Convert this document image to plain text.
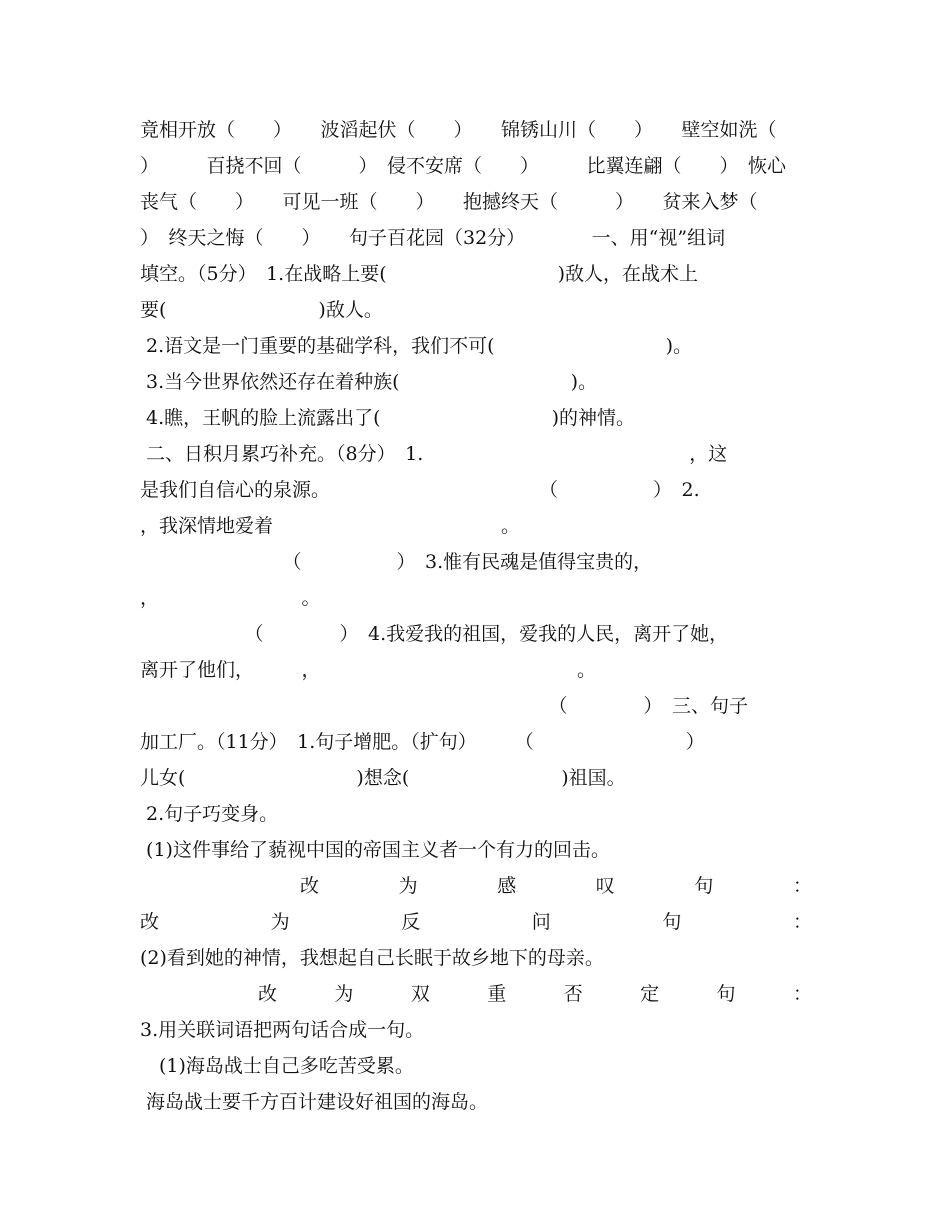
竟相开放（　　）　　波滔起伏（　　）　　锦锈山川（　　）　　壁空如洗（
）　　　百挠不回（　　　）　侵不安席（　　）　　　比翼连翩（　　）　恢心
丧气（　　）　　可见一班（　　）　　抱撼终天（　　　）　　贫来入梦（
）　终天之悔（　　）　　句子百花园（32分）　　　　一、用“视”组词
填空。（5分）　1.在战略上要(　　　　　　　　　)敌人，在战术上
要(　　　　　　　　)敌人。
2.语文是一门重要的基础学科，我们不可(　　　　　　　　　)。
3.当今世界依然还存在着种族(　　　　　　　　　)。
4.瞧，王帆的脸上流露出了(　　　　　　　　　)的神情。
二、日积月累巧补充。（8分）　1.　　　　　　　　　　　　　　，这
是我们自信心的泉源。　　　　　　　　　　　　（　　　　　）　2.
，我深情地爱着　　　　　　　　　　　　。
　　　　　　　　（　　　　　）　3.惟有民魂是值得宝贵的，
，　　　　　　　　。
　　　　　　（　　　　）　4.我爱我的祖国，爱我的人民，离开了她，
离开了他们，　　　，　　　　　　　　　　　　　　。
　　　　　　　　　　　　　　　　　　　　　　（　　　　）　三、句子
加工厂。（11分）　1.句子增肥。（扩句）　　　（　　　　　　　　）
儿女(　　　　　　　　　)想念(　　　　　　　　)祖国。
2.句子巧变身。
(1)这件事给了藐视中国的帝国主义者一个有力的回击。
改	为	感	叹	句	：
改	为	反	问	句	：
(2)看到她的神情，我想起自己长眠于故乡地下的母亲。
改	为	双	重	否	定	句	：
3.用关联词语把两句话合成一句。
　(1)海岛战士自己多吃苦受累。
海岛战士要千方百计建设好祖国的海岛。
